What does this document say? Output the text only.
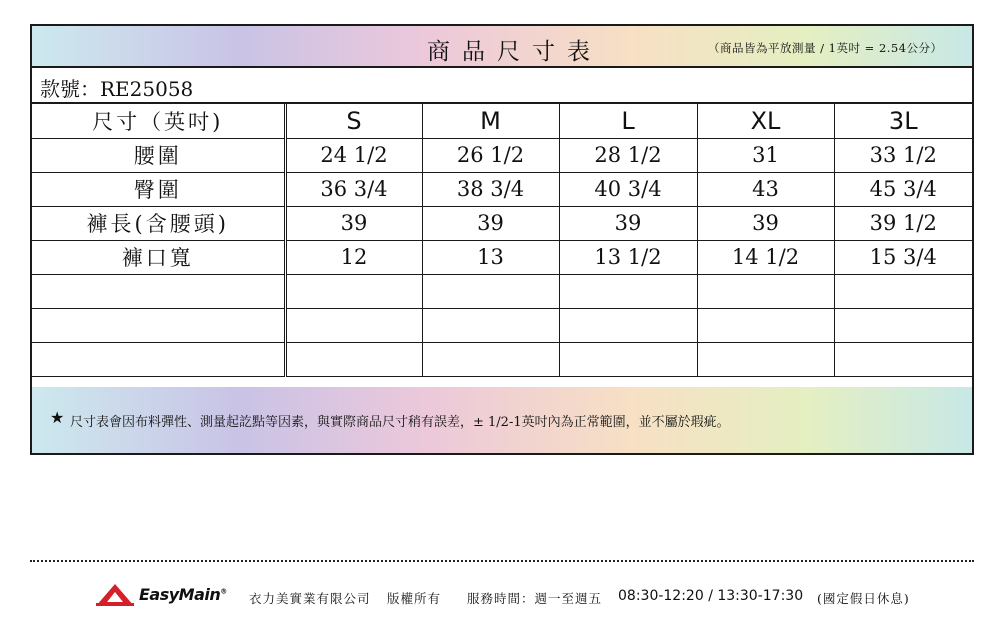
商品尺寸表	（商品皆為平放測量 / 1英吋 = 2.54公分）
款號：RE25058
尺寸（英吋)	S	M	L	XL	3L
腰圍	24 1/2	26 1/2	28 1/2	31	33 1/2
臀圍	36 3/4	38 3/4	40 3/4	43	45 3/4
褲長(含腰頭)	39	39	39	39	39 1/2
褲口寬	12	13	13 1/2	14 1/2	15 3/4

★ 尺寸表會因布料彈性、測量起訖點等因素，與實際商品尺寸稍有誤差，± 1/2-1英吋內為正常範圍，並不屬於瑕疵。
EasyMain® 衣力美實業有限公司 版權所有 服務時間：週一至週五 08:30-12:20 / 13:30-17:30 (國定假日休息)
